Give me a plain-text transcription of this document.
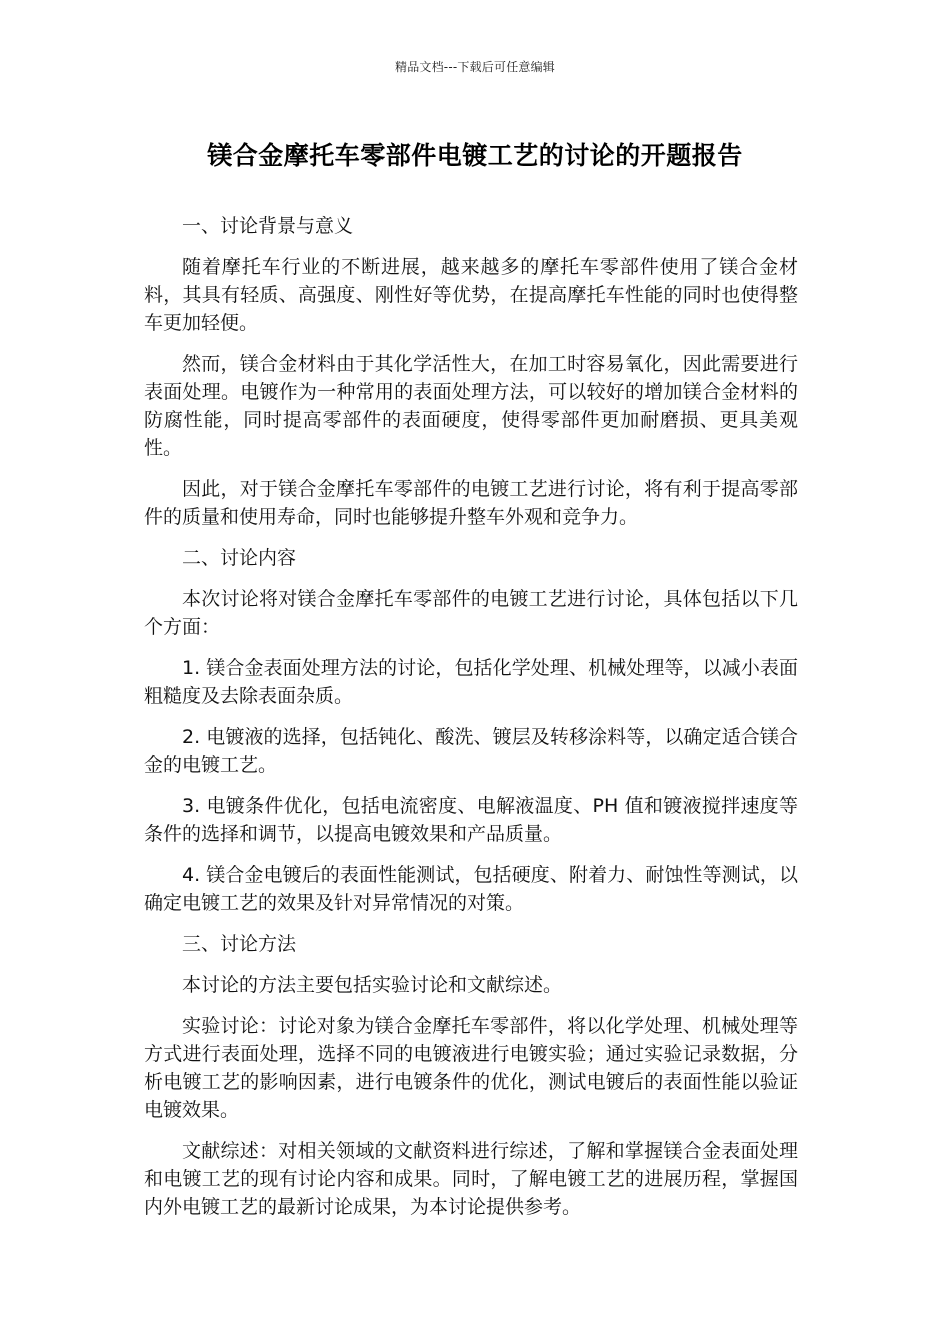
精品文档---下载后可任意编辑
镁合金摩托车零部件电镀工艺的讨论的开题报告

一、讨论背景与意义

随着摩托车行业的不断进展，越来越多的摩托车零部件使用了镁合金材料，其具有轻质、高强度、刚性好等优势，在提高摩托车性能的同时也使得整车更加轻便。

然而，镁合金材料由于其化学活性大，在加工时容易氧化，因此需要进行表面处理。电镀作为一种常用的表面处理方法，可以较好的增加镁合金材料的防腐性能，同时提高零部件的表面硬度，使得零部件更加耐磨损、更具美观性。

因此，对于镁合金摩托车零部件的电镀工艺进行讨论，将有利于提高零部件的质量和使用寿命，同时也能够提升整车外观和竞争力。

二、讨论内容

本次讨论将对镁合金摩托车零部件的电镀工艺进行讨论，具体包括以下几个方面：

1. 镁合金表面处理方法的讨论，包括化学处理、机械处理等，以减小表面粗糙度及去除表面杂质。

2. 电镀液的选择，包括钝化、酸洗、镀层及转移涂料等，以确定适合镁合金的电镀工艺。

3. 电镀条件优化，包括电流密度、电解液温度、PH 值和镀液搅拌速度等条件的选择和调节，以提高电镀效果和产品质量。

4. 镁合金电镀后的表面性能测试，包括硬度、附着力、耐蚀性等测试，以确定电镀工艺的效果及针对异常情况的对策。

三、讨论方法

本讨论的方法主要包括实验讨论和文献综述。

实验讨论：讨论对象为镁合金摩托车零部件，将以化学处理、机械处理等方式进行表面处理，选择不同的电镀液进行电镀实验；通过实验记录数据，分析电镀工艺的影响因素，进行电镀条件的优化，测试电镀后的表面性能以验证电镀效果。

文献综述：对相关领域的文献资料进行综述，了解和掌握镁合金表面处理和电镀工艺的现有讨论内容和成果。同时，了解电镀工艺的进展历程，掌握国内外电镀工艺的最新讨论成果，为本讨论提供参考。
